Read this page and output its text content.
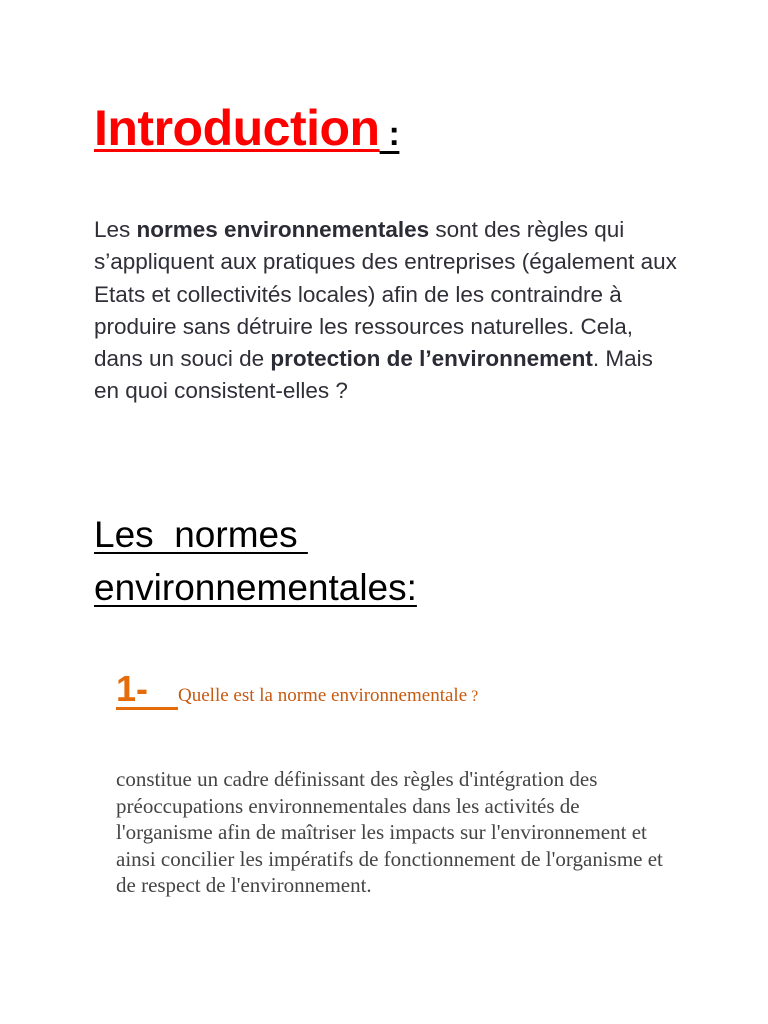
Introduction :

Les normes environnementales sont des règles qui s’appliquent aux pratiques des entreprises (également aux Etats et collectivités locales) afin de les contraindre à produire sans détruire les ressources naturelles. Cela, dans un souci de protection de l’environnement. Mais en quoi consistent-elles ?

Les  normes
environnementales:
1-   Quelle est la norme environnementale ?

constitue un cadre définissant des règles d'intégration des préoccupations environnementales dans les activités de l'organisme afin de maîtriser les impacts sur l'environnement et ainsi concilier les impératifs de fonctionnement de l'organisme et de respect de l'environnement.
